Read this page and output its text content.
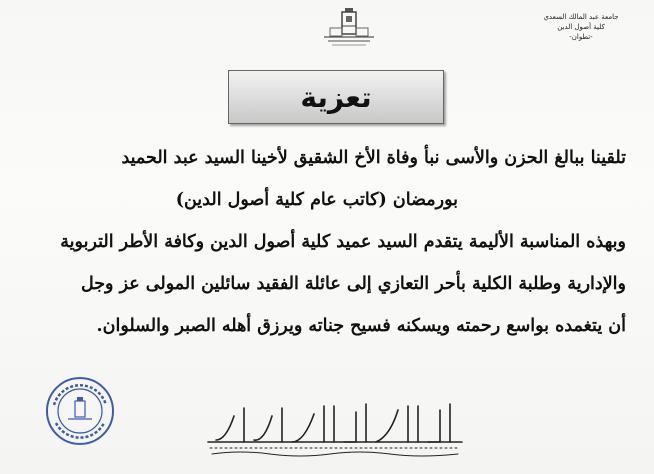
جامعة عبد المالك السعدي
كلية أصول الدين
-تطوان-
تعزية
تلقينا ببالغ الحزن والأسى نبأ وفاة الأخ الشقيق لأخينا السيد عبد الحميد
بورمضان (كاتب عام كلية أصول الدين)
وبهذه المناسبة الأليمة يتقدم السيد عميد كلية أصول الدين وكافة الأطر التربوية
والإدارية وطلبة الكلية بأحر التعازي إلى عائلة الفقيد سائلين المولى عز وجل
أن يتغمده بواسع رحمته ويسكنه فسيح جناته ويرزق أهله الصبر والسلوان.
